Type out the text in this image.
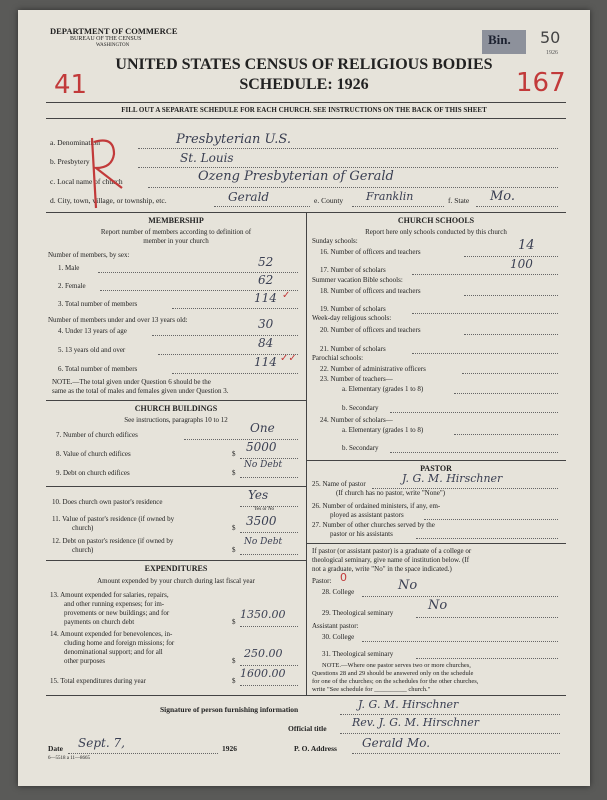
DEPARTMENT OF COMMERCE
BUREAU OF THE CENSUS
WASHINGTON	Bin. 50
1926
41	167
UNITED STATES CENSUS OF RELIGIOUS BODIES
SCHEDULE: 1926
FILL OUT A SEPARATE SCHEDULE FOR EACH CHURCH. SEE INSTRUCTIONS ON THE BACK OF THIS SHEET
a. Denomination	Presbyterian U.S.
b. Presbytery	St. Louis
c. Local name of church	Ozeng Presbyterian of Gerald
d. City, town, village, or township, etc.	Gerald	e. County Franklin	f. State Mo.
MEMBERSHIP
Report number of members according to definition of
member in your church
Number of members, by sex:
1. Male	52
2. Female	62
3. Total number of members	114 ✓
Number of members under and over 13 years old:
4. Under 13 years of age	30
5. 13 years old and over	84
6. Total number of members	114 ✓✓
NOTE.—The total given under Question 6 should be the
same as the total of males and females given under Question 3.
CHURCH BUILDINGS
See instructions, paragraphs 10 to 12
7. Number of church edifices	One
8. Value of church edifices	$ 5000
9. Debt on church edifices	$
No Debt
10. Does church own pastor's residence	Yes
Yes or No
11. Value of pastor's residence (if owned by
church)	$ 3500
12. Debt on pastor's residence (if owned by
church)	$
No Debt
EXPENDITURES
Amount expended by your church during last fiscal year
13. Amount expended for salaries, repairs,
and other running expenses; for im-
provements or new buildings; and for
payments on church debt	$
1350.00
14. Amount expended for benevolences, in-
cluding home and foreign missions; for
denominational support; and for all
other purposes	$
250.00
15. Total expenditures during year	$
1600.00
CHURCH SCHOOLS
Report here only schools conducted by this church
Sunday schools:
16. Number of officers and teachers	14
17. Number of scholars	100
Summer vacation Bible schools:
18. Number of officers and teachers
19. Number of scholars
Week-day religious schools:
20. Number of officers and teachers
21. Number of scholars
Parochial schools:
22. Number of administrative officers
23. Number of teachers—
a. Elementary (grades 1 to 8)
b. Secondary
24. Number of scholars—
a. Elementary (grades 1 to 8)
b. Secondary
PASTOR
25. Name of pastor	J. G. M. Hirschner
(If church has no pastor, write "None")
26. Number of ordained ministers, if any, em-
ployed as assistant pastors
27. Number of other churches served by the
pastor or his assistants
If pastor (or assistant pastor) is a graduate of a college or
theological seminary, give name of institution below. (If
not a graduate, write "No" in the space indicated.)
Pastor: 0
28. College	No
29. Theological seminary	No
Assistant pastor:
30. College
31. Theological seminary
NOTE.—Where one pastor serves two or more churches,
Questions 28 and 29 should be answered only on the schedule
for one of the churches; on the schedules for the other churches,
write "See schedule for __________ church."
Signature of person furnishing information	J. G. M. Hirschner
Official title Rev. J. G. M. Hirschner
Date Sept. 7,	1926	P. O. Address Gerald Mo.
6—5518 a 11—8665
